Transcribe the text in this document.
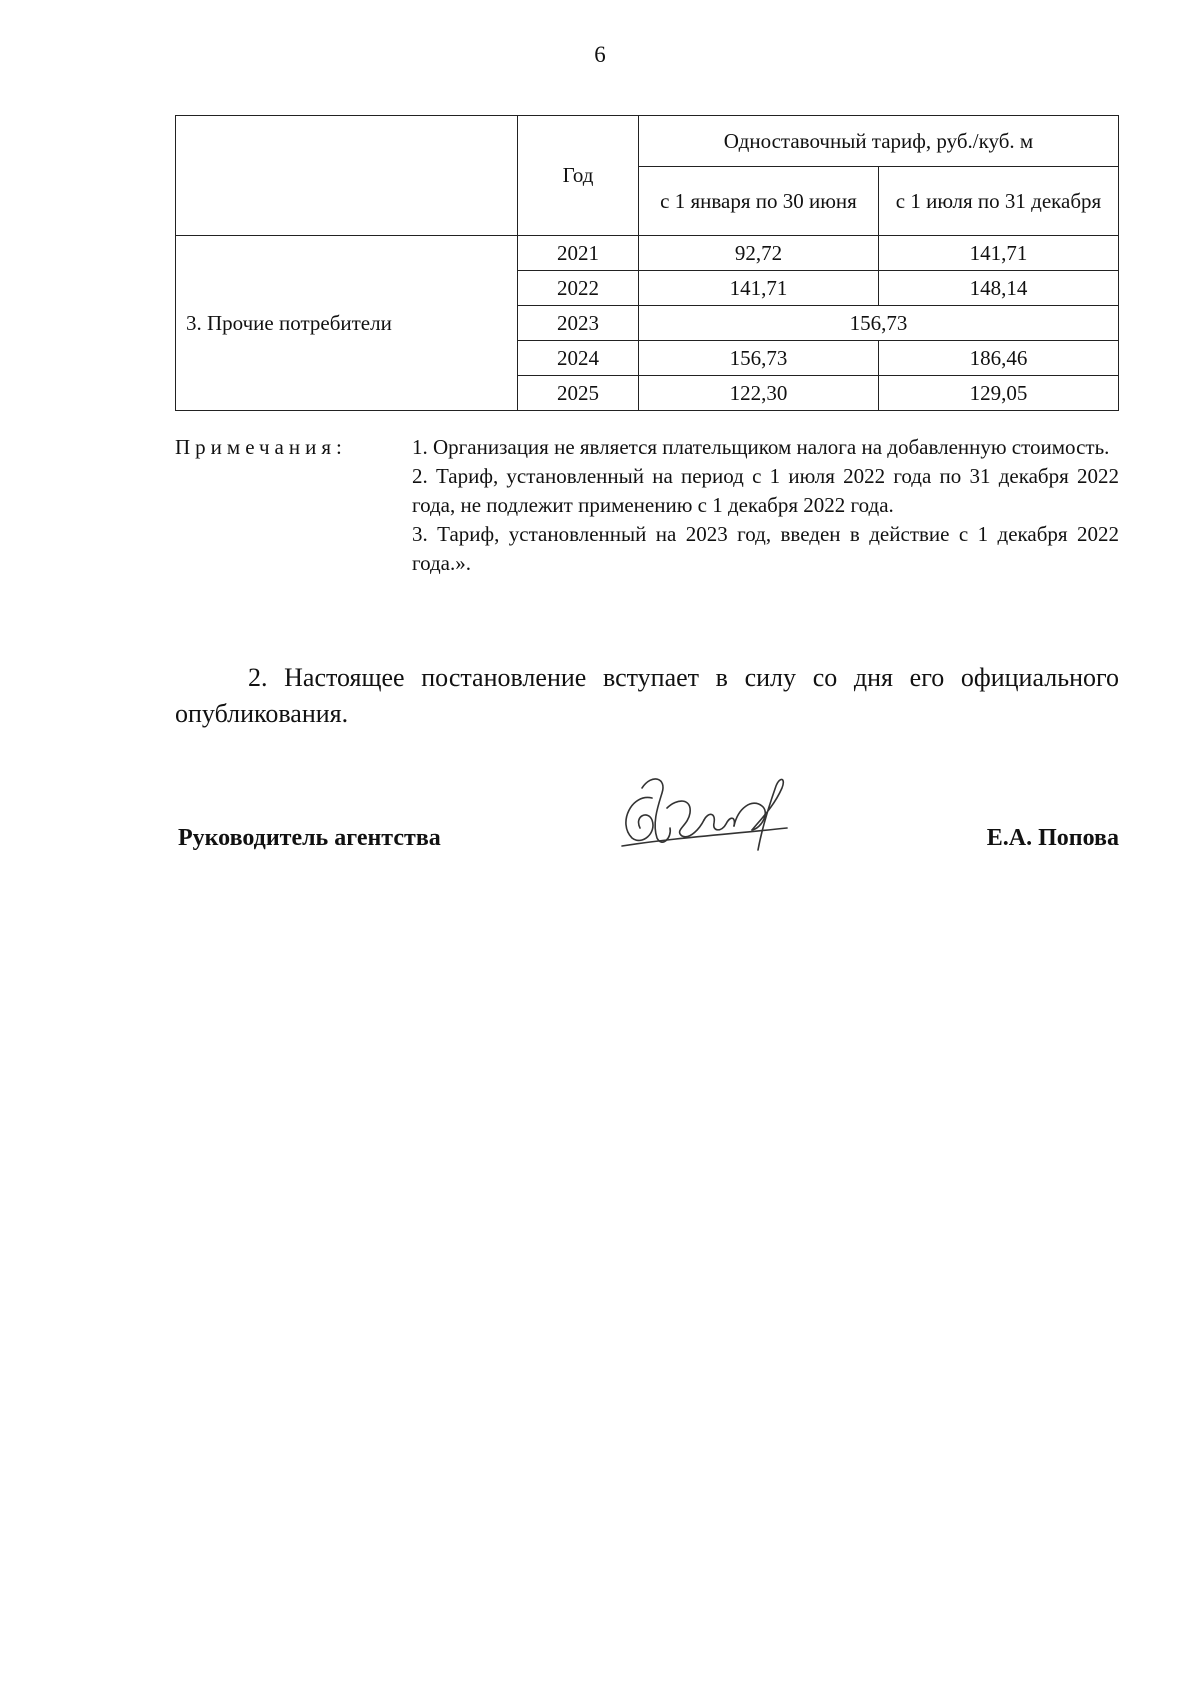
6
	Год	Одноставочный тариф, руб./куб. м	
		с 1 января по 30 июня	с 1 июля по 31 декабря
3. Прочие потребители	2021	92,72	141,71
	2022	141,71	148,14
	2023	156,73	
	2024	156,73	186,46
	2025	122,30	129,05
Примечания:	1. Организация не является плательщиком налога на добавленную стоимость.

2. Тариф, установленный на период с 1 июля 2022 года по 31 декабря 2022 года, не подлежит применению с 1 декабря 2022 года.

3. Тариф, установленный на 2023 год, введен в действие с 1 декабря 2022 года.».

2. Настоящее постановление вступает в силу со дня его официального опубликования.

Руководитель агентства	Е.А. Попова
